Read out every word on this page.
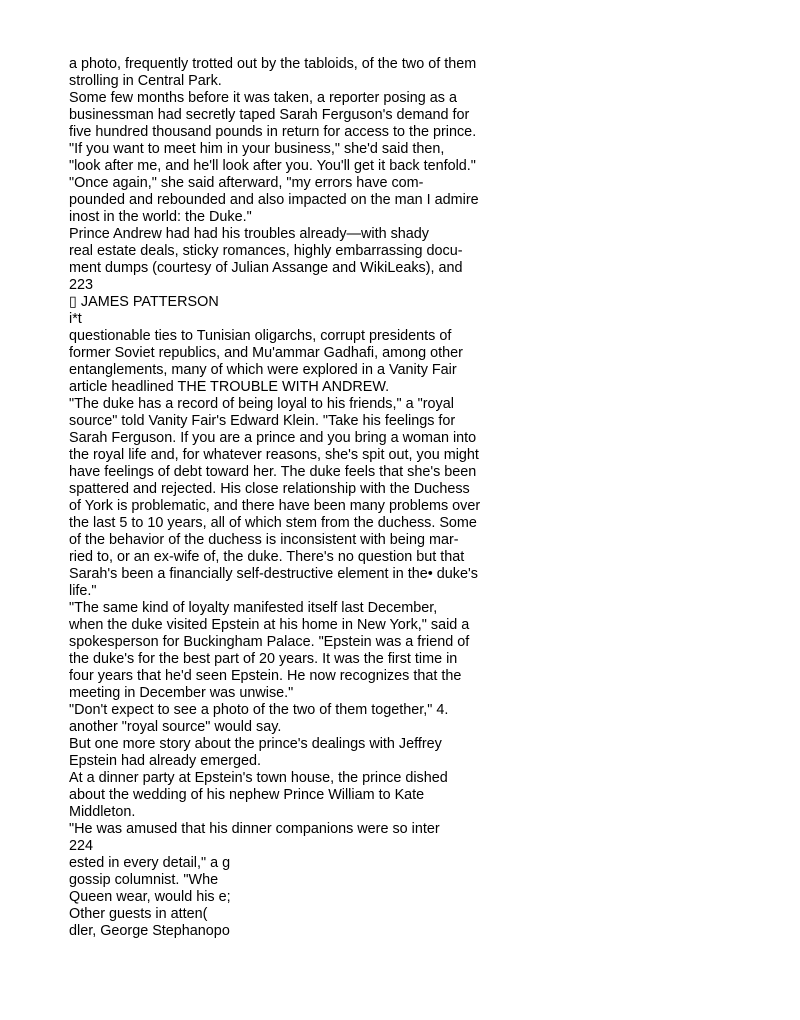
a photo, frequently trotted out by the tabloids, of the two of them
strolling in Central Park.
Some few months before it was taken, a reporter posing as a
businessman had secretly taped Sarah Ferguson's demand for
five hundred thousand pounds in return for access to the prince.
"If you want to meet him in your business," she'd said then,
"look after me, and he'll look after you. You'll get it back tenfold."
"Once again," she said afterward, "my errors have com-
pounded and rebounded and also impacted on the man I admire
inost in the world: the Duke."
Prince Andrew had had his troubles already—with shady
real estate deals, sticky romances, highly embarrassing docu-
ment dumps (courtesy of Julian Assange and WikiLeaks), and
223
▯ JAMES PATTERSON
i*t
questionable ties to Tunisian oligarchs, corrupt presidents of
former Soviet republics, and Mu'ammar Gadhafi, among other
entanglements, many of which were explored in a Vanity Fair
article headlined THE TROUBLE WITH ANDREW.
"The duke has a record of being loyal to his friends," a "royal
source" told Vanity Fair's Edward Klein. "Take his feelings for
Sarah Ferguson. If you are a prince and you bring a woman into
the royal life and, for whatever reasons, she's spit out, you might
have feelings of debt toward her. The duke feels that she's been
spattered and rejected. His close relationship with the Duchess
of York is problematic, and there have been many problems over
the last 5 to 10 years, all of which stem from the duchess. Some
of the behavior of the duchess is inconsistent with being mar-
ried to, or an ex-wife of, the duke. There's no question but that
Sarah's been a financially self-destructive element in the• duke's
life."
"The same kind of loyalty manifested itself last December,
when the duke visited Epstein at his home in New York," said a
spokesperson for Buckingham Palace. "Epstein was a friend of
the duke's for the best part of 20 years. It was the first time in
four years that he'd seen Epstein. He now recognizes that the
meeting in December was unwise."
"Don't expect to see a photo of the two of them together," 4.
another "royal source" would say.
But one more story about the prince's dealings with Jeffrey
Epstein had already emerged.
At a dinner party at Epstein's town house, the prince dished
about the wedding of his nephew Prince William to Kate
Middleton.
"He was amused that his dinner companions were so inter
224
ested in every detail," a g
gossip columnist. "Whe
Queen wear, would his e;
Other guests in atten(
dler, George Stephanopo
